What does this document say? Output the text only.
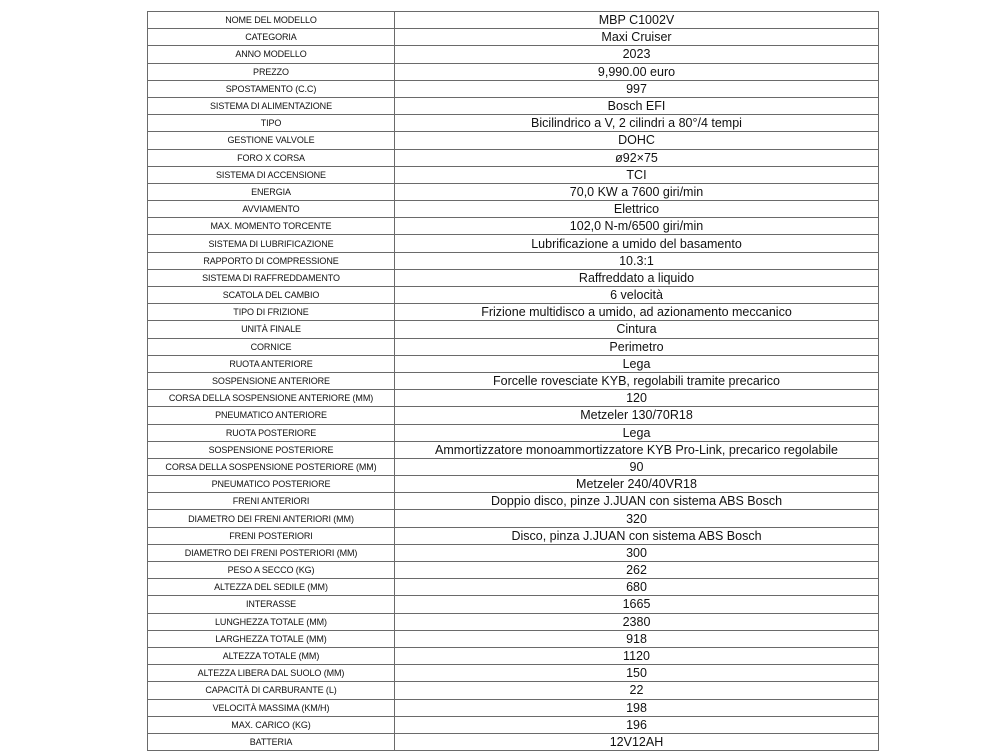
NOME DEL MODELLO	MBP C1002V
CATEGORIA	Maxi Cruiser
ANNO MODELLO	2023
PREZZO	9,990.00 euro
SPOSTAMENTO (C.C)	997
SISTEMA DI ALIMENTAZIONE	Bosch EFI
TIPO	Bicilindrico a V, 2 cilindri a 80°/4 tempi
GESTIONE VALVOLE	DOHC
FORO X CORSA	ø92×75
SISTEMA DI ACCENSIONE	TCI
ENERGIA	70,0 KW a 7600 giri/min
AVVIAMENTO	Elettrico
MAX. MOMENTO TORCENTE	102,0 N-m/6500 giri/min
SISTEMA DI LUBRIFICAZIONE	Lubrificazione a umido del basamento
RAPPORTO DI COMPRESSIONE	10.3:1
SISTEMA DI RAFFREDDAMENTO	Raffreddato a liquido
SCATOLA DEL CAMBIO	6 velocità
TIPO DI FRIZIONE	Frizione multidisco a umido, ad azionamento meccanico
UNITÀ FINALE	Cintura
CORNICE	Perimetro
RUOTA ANTERIORE	Lega
SOSPENSIONE ANTERIORE	Forcelle rovesciate KYB, regolabili tramite precarico
CORSA DELLA SOSPENSIONE ANTERIORE (MM)	120
PNEUMATICO ANTERIORE	Metzeler 130/70R18
RUOTA POSTERIORE	Lega
SOSPENSIONE POSTERIORE	Ammortizzatore monoammortizzatore KYB Pro-Link, precarico regolabile
CORSA DELLA SOSPENSIONE POSTERIORE (MM)	90
PNEUMATICO POSTERIORE	Metzeler 240/40VR18
FRENI ANTERIORI	Doppio disco, pinze J.JUAN con sistema ABS Bosch
DIAMETRO DEI FRENI ANTERIORI (MM)	320
FRENI POSTERIORI	Disco, pinza J.JUAN con sistema ABS Bosch
DIAMETRO DEI FRENI POSTERIORI (MM)	300
PESO A SECCO (KG)	262
ALTEZZA DEL SEDILE (MM)	680
INTERASSE	1665
LUNGHEZZA TOTALE (MM)	2380
LARGHEZZA TOTALE (MM)	918
ALTEZZA TOTALE (MM)	1120
ALTEZZA LIBERA DAL SUOLO (MM)	150
CAPACITÀ DI CARBURANTE (L)	22
VELOCITÀ MASSIMA (KM/H)	198
MAX. CARICO (KG)	196
BATTERIA	12V12AH
